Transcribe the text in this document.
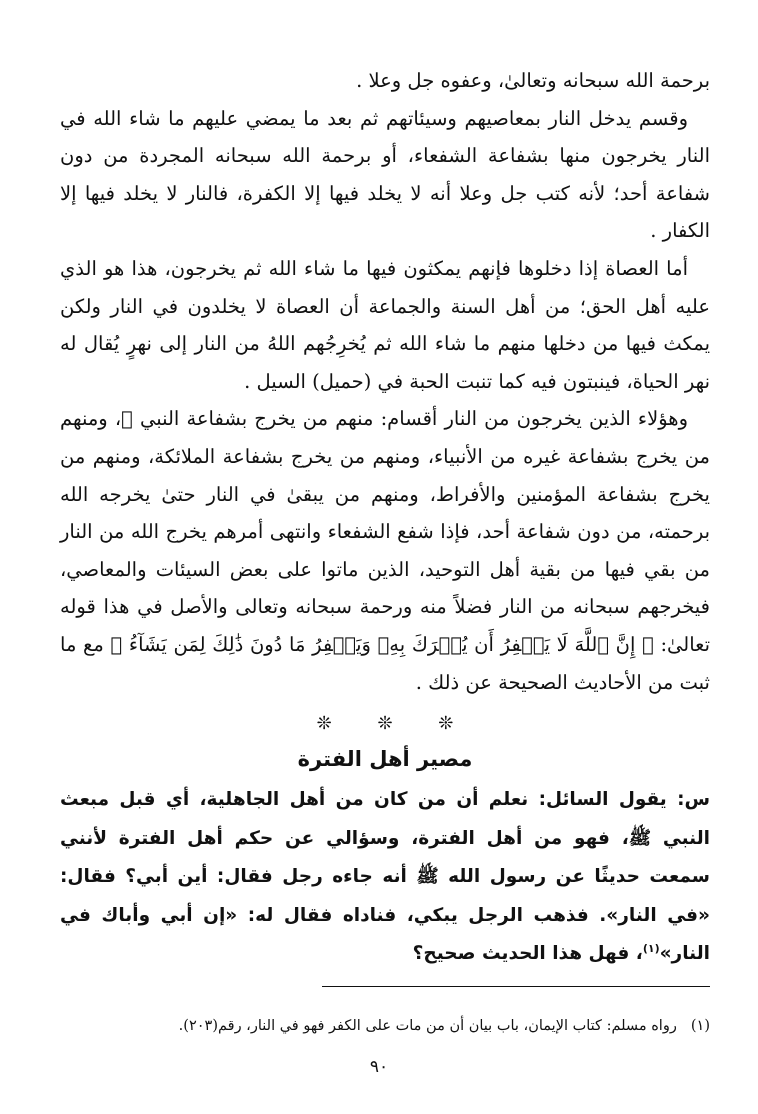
برحمة الله سبحانه وتعالىٰ، وعفوه جل وعلا .

وقسم يدخل النار بمعاصيهم وسيئاتهم ثم بعد ما يمضي عليهم ما شاء الله في النار يخرجون منها بشفاعة الشفعاء، أو برحمة الله سبحانه المجردة من دون شفاعة أحد؛ لأنه كتب جل وعلا أنه لا يخلد فيها إلا الكفرة، فالنار لا يخلد فيها إلا الكفار .

أما العصاة إذا دخلوها فإنهم يمكثون فيها ما شاء الله ثم يخرجون، هذا هو الذي عليه أهل الحق؛ من أهل السنة والجماعة أن العصاة لا يخلدون في النار ولكن يمكث فيها من دخلها منهم ما شاء الله ثم يُخرِجُهم اللهُ من النار إلى نهرٍ يُقال له نهر الحياة، فينبتون فيه كما تنبت الحبة في (حميل) السيل .

وهؤلاء الذين يخرجون من النار أقسام: منهم من يخرج بشفاعة النبي ﷺ، ومنهم من يخرج بشفاعة غيره من الأنبياء، ومنهم من يخرج بشفاعة الملائكة، ومنهم من يخرج بشفاعة المؤمنين والأفراط، ومنهم من يبقىٰ في النار حتىٰ يخرجه الله برحمته، من دون شفاعة أحد، فإذا شفع الشفعاء وانتهى أمرهم يخرج الله من النار من بقي فيها من بقية أهل التوحيد، الذين ماتوا على بعض السيئات والمعاصي، فيخرجهم سبحانه من النار فضلاً منه ورحمة سبحانه وتعالى والأصل في هذا قوله تعالىٰ: ﴿ إِنَّ ٱللَّهَ لَا يَغۡفِرُ أَن يُشۡرَكَ بِهِۦ وَيَغۡفِرُ مَا دُونَ ذَٰلِكَ لِمَن يَشَآءُ ﴾ مع ما ثبت من الأحاديث الصحيحة عن ذلك .

❊	❊	❊
مصير أهل الفترة

س: يقول السائل: نعلم أن من كان من أهل الجاهلية، أي قبل مبعث النبي ﷺ، فهو من أهل الفترة، وسؤالي عن حكم أهل الفترة لأنني سمعت حديثًا عن رسول الله ﷺ أنه جاءه رجل فقال: أين أبي؟ فقال: «في النار». فذهب الرجل يبكي، فناداه فقال له: «إن أبي وأباك في النار»$^{(١)}$، فهل هذا الحديث صحيح؟

(١)رواه مسلم: كتاب الإيمان، باب بيان أن من مات على الكفر فهو في النار، رقم(٢٠٣).
٩٠
